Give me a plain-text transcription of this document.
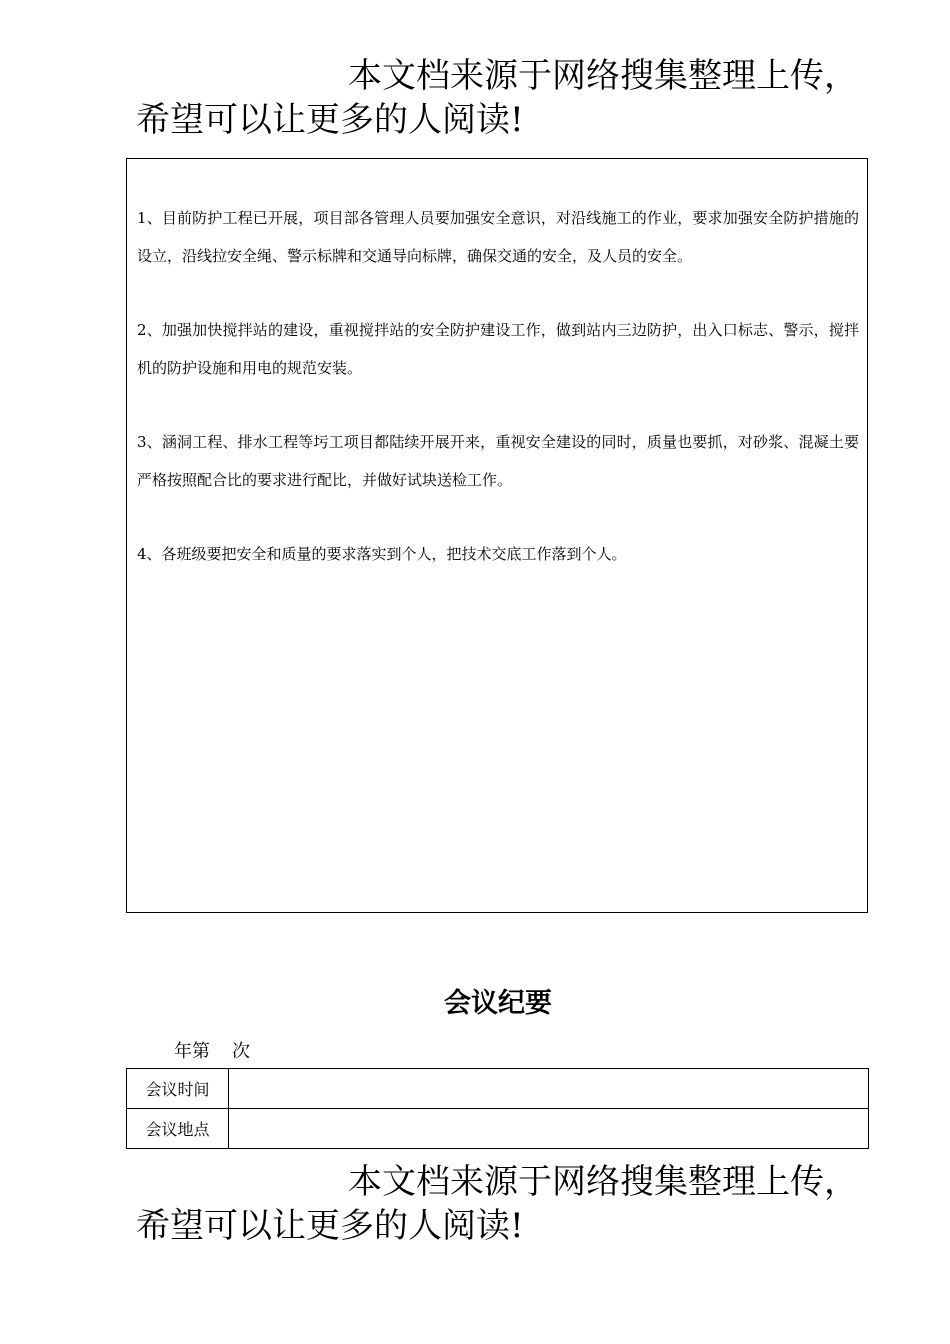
本文档来源于网络搜集整理上传，
希望可以让更多的人阅读!

1、目前防护工程已开展，项目部各管理人员要加强安全意识，对沿线施工的作业，要求加强安全防护措施的设立，沿线拉安全绳、警示标牌和交通导向标牌，确保交通的安全，及人员的安全。

2、加强加快搅拌站的建设，重视搅拌站的安全防护建设工作，做到站内三边防护，出入口标志、警示，搅拌机的防护设施和用电的规范安装。

3、涵洞工程、排水工程等圬工项目都陆续开展开来，重视安全建设的同时，质量也要抓，对砂浆、混凝土要严格按照配合比的要求进行配比，并做好试块送检工作。

4、各班级要把安全和质量的要求落实到个人，把技术交底工作落到个人。

会议纪要

年第 次

会议时间	
会议地点	
本文档来源于网络搜集整理上传，
希望可以让更多的人阅读!
